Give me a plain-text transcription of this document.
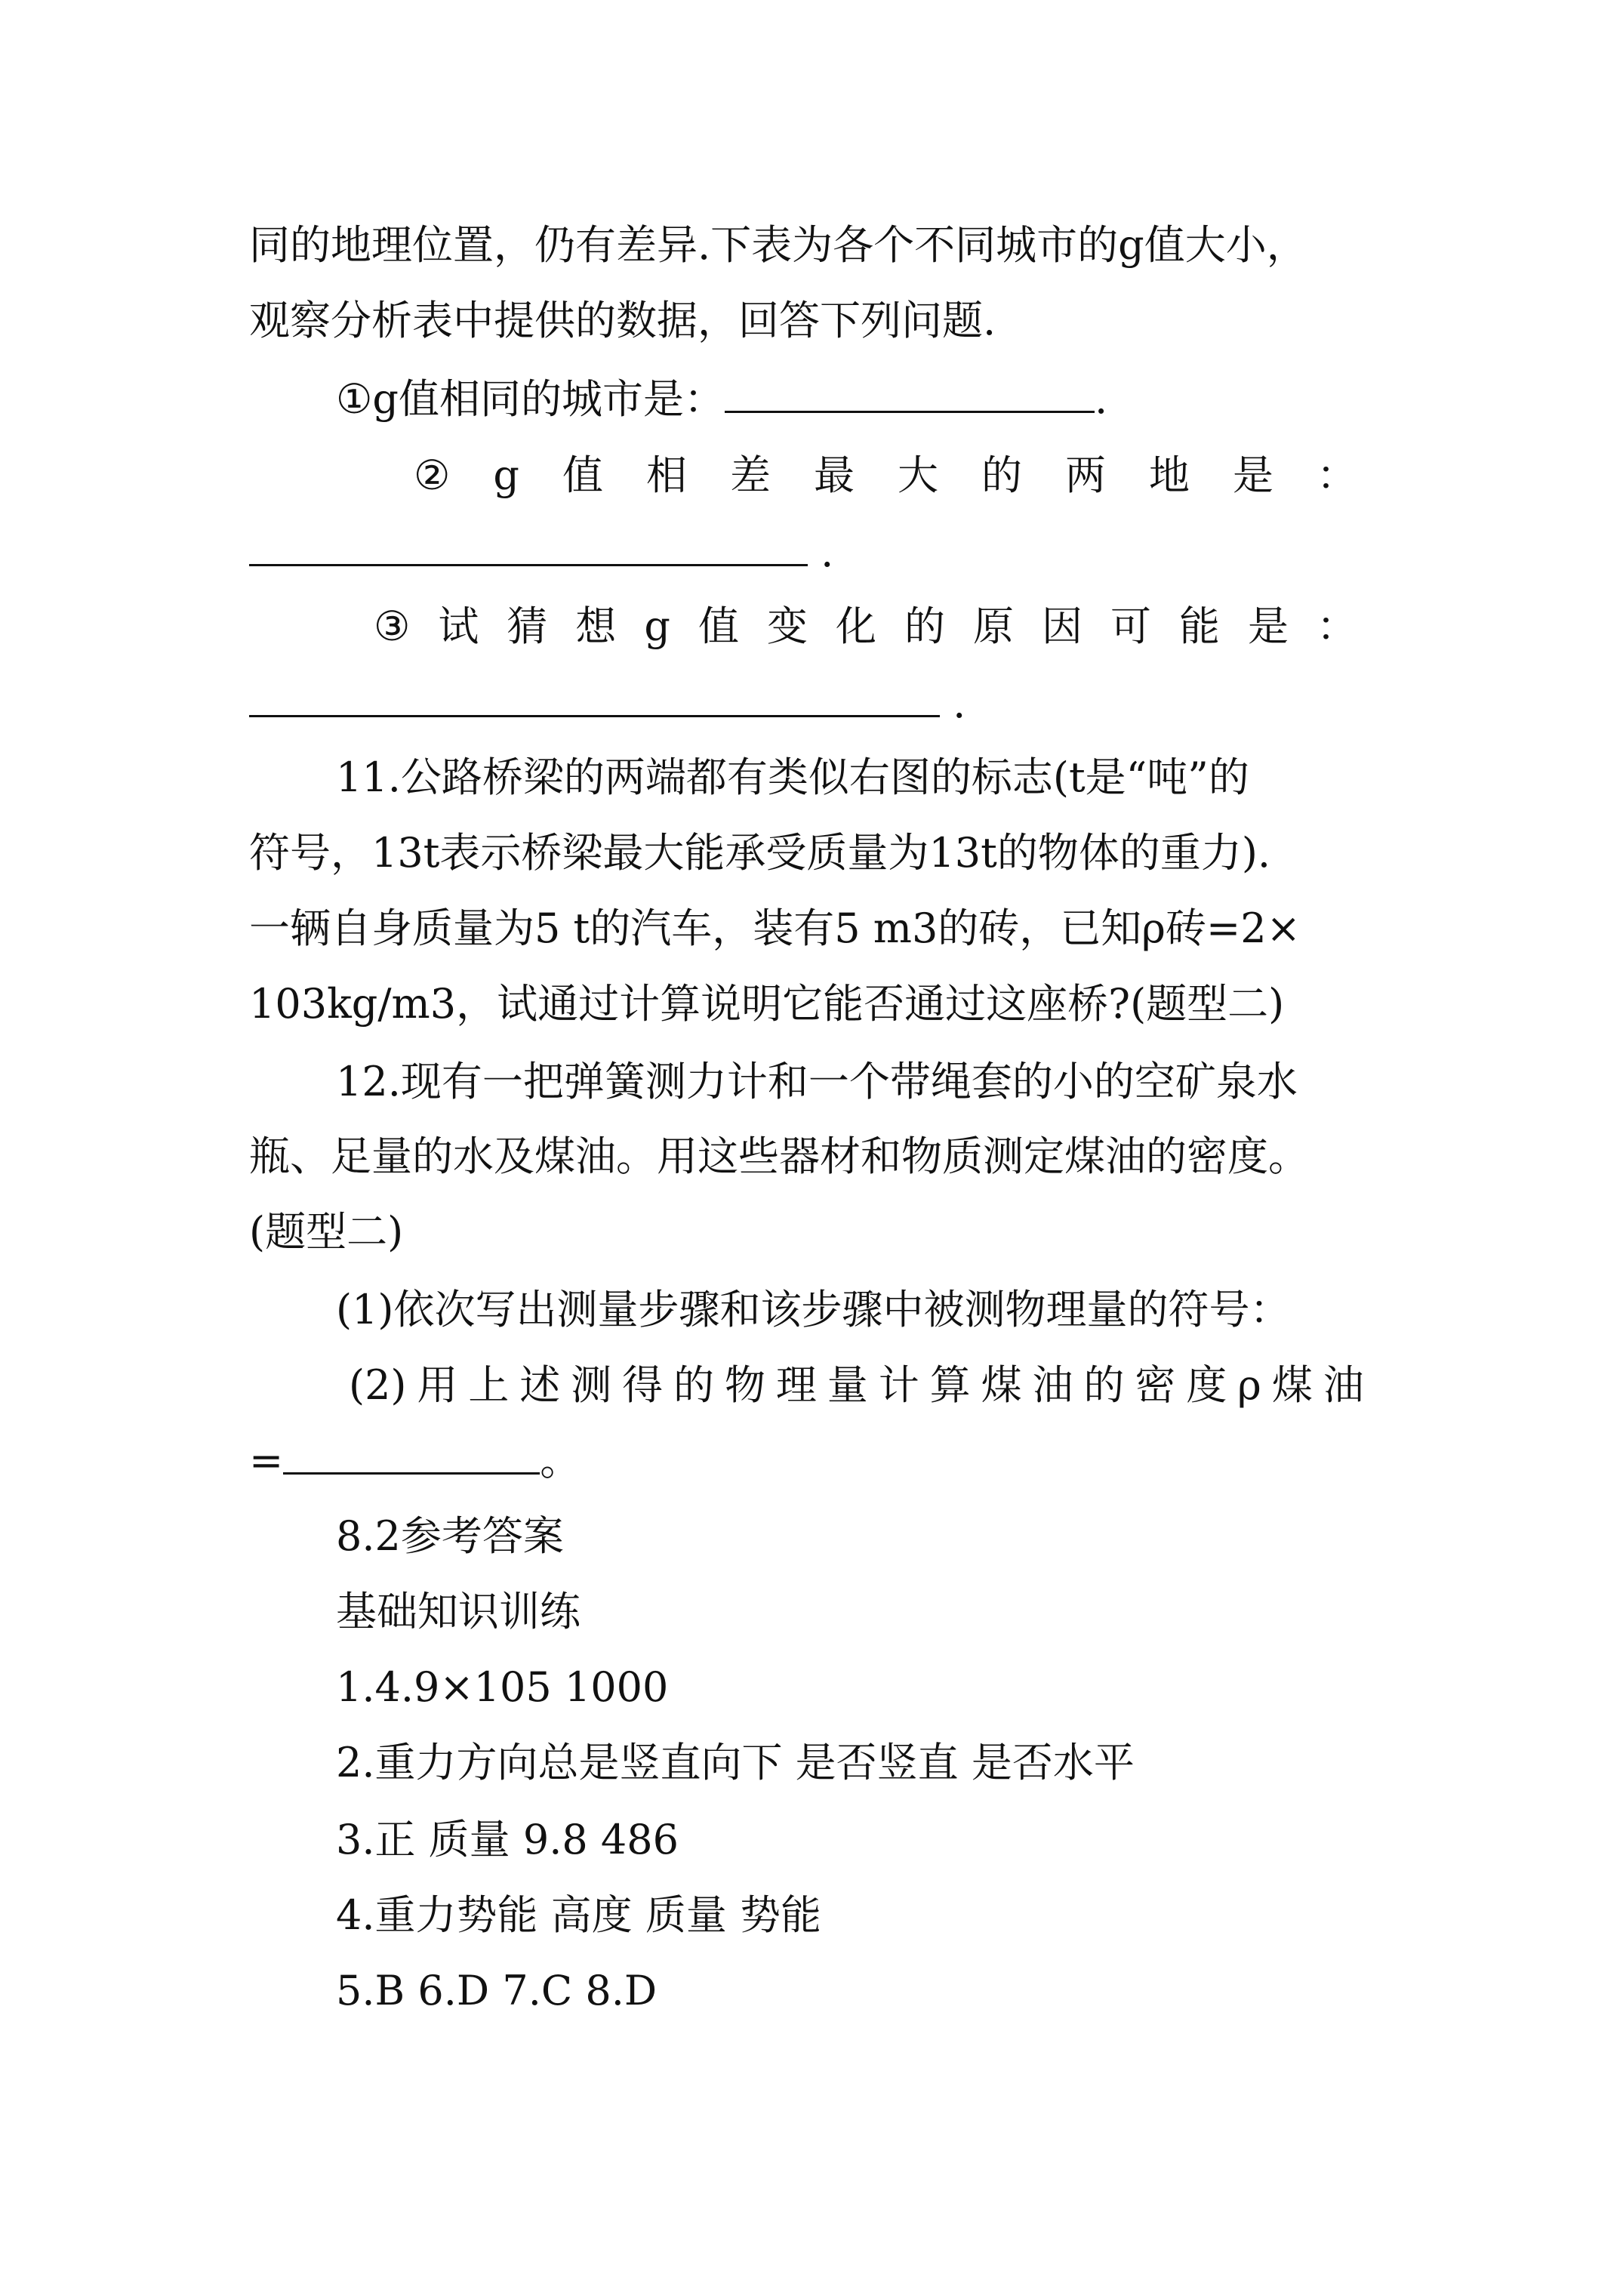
同的地理位置，仍有差异.下表为各个不同城市的g值大小，
观察分析表中提供的数据，回答下列问题.
①g值相同的城市是：	.
② g 值 相 差 最 大 的 两 地 是 ：
.
③ 试 猜 想 g 值 变 化 的 原 因 可 能 是 ：
.
11.公路桥梁的两端都有类似右图的标志(t是“吨”的
符号，13t表示桥梁最大能承受质量为13t的物体的重力).
一辆自身质量为5 t的汽车，装有5 m3的砖，已知ρ砖=2×
103kg/m3，试通过计算说明它能否通过这座桥?(题型二)
12.现有一把弹簧测力计和一个带绳套的小的空矿泉水
瓶、足量的水及煤油。用这些器材和物质测定煤油的密度。
(题型二)
(1)依次写出测量步骤和该步骤中被测物理量的符号：
(2) 用 上 述 测 得 的 物 理 量 计 算 煤 油 的 密 度 ρ 煤 油
=	。
8.2参考答案
基础知识训练
1.4.9×105 1000
2.重力方向总是竖直向下 是否竖直 是否水平
3.正 质量 9.8 486
4.重力势能 高度 质量 势能
5.B 6.D 7.C 8.D
